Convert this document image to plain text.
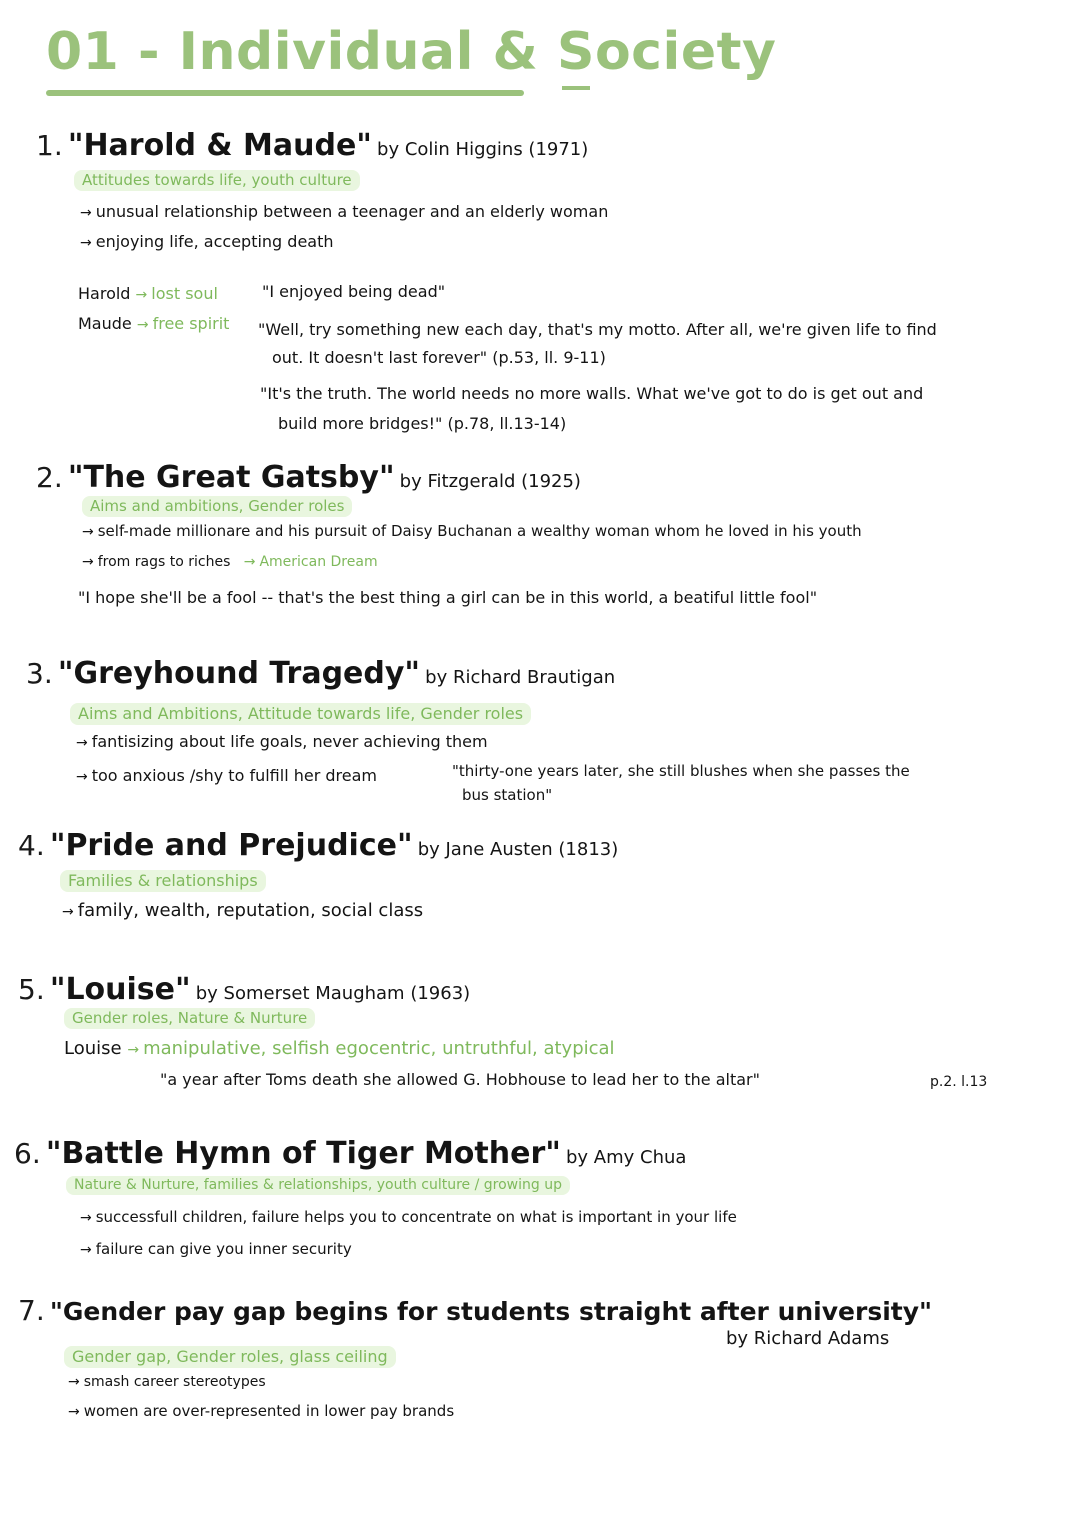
01 - Individual & Society
1. "Harold & Maude" by Colin Higgins (1971)
Attitudes towards life, youth culture
→ unusual relationship between a teenager and an elderly woman
→ enjoying life, accepting death
Harold → lost soul	"I enjoyed being dead"
Maude → free spirit "Well, try something new each day, that's my motto. After all, we're given life to find
out. It doesn't last forever" (p.53, ll. 9-11)
"It's the truth. The world needs no more walls. What we've got to do is get out and
build more bridges!" (p.78, ll.13-14)
2. "The Great Gatsby" by Fitzgerald (1925)
Aims and ambitions, Gender roles
→ self-made millionare and his pursuit of Daisy Buchanan a wealthy woman whom he loved in his youth
→ from rags to riches → American Dream
"I hope she'll be a fool -- that's the best thing a girl can be in this world, a beatiful little fool"
3. "Greyhound Tragedy" by Richard Brautigan
Aims and Ambitions, Attitude towards life, Gender roles
→ fantisizing about life goals, never achieving them
→ too anxious /shy to fulfill her dream	"thirty-one years later, she still blushes when she passes the
bus station"
4. "Pride and Prejudice" by Jane Austen (1813)
Families & relationships
→ family, wealth, reputation, social class
5. "Louise" by Somerset Maugham (1963)
Gender roles, Nature & Nurture
Louise → manipulative, selfish egocentric, untruthful, atypical
"a year after Toms death she allowed G. Hobhouse to lead her to the altar"	p.2. l.13
6. "Battle Hymn of Tiger Mother" by Amy Chua
Nature & Nurture, families & relationships, youth culture / growing up
→ successfull children, failure helps you to concentrate on what is important in your life
→ failure can give you inner security
7. "Gender pay gap begins for students straight after university"
by Richard Adams
Gender gap, Gender roles, glass ceiling
→ smash career stereotypes
→ women are over-represented in lower pay brands
